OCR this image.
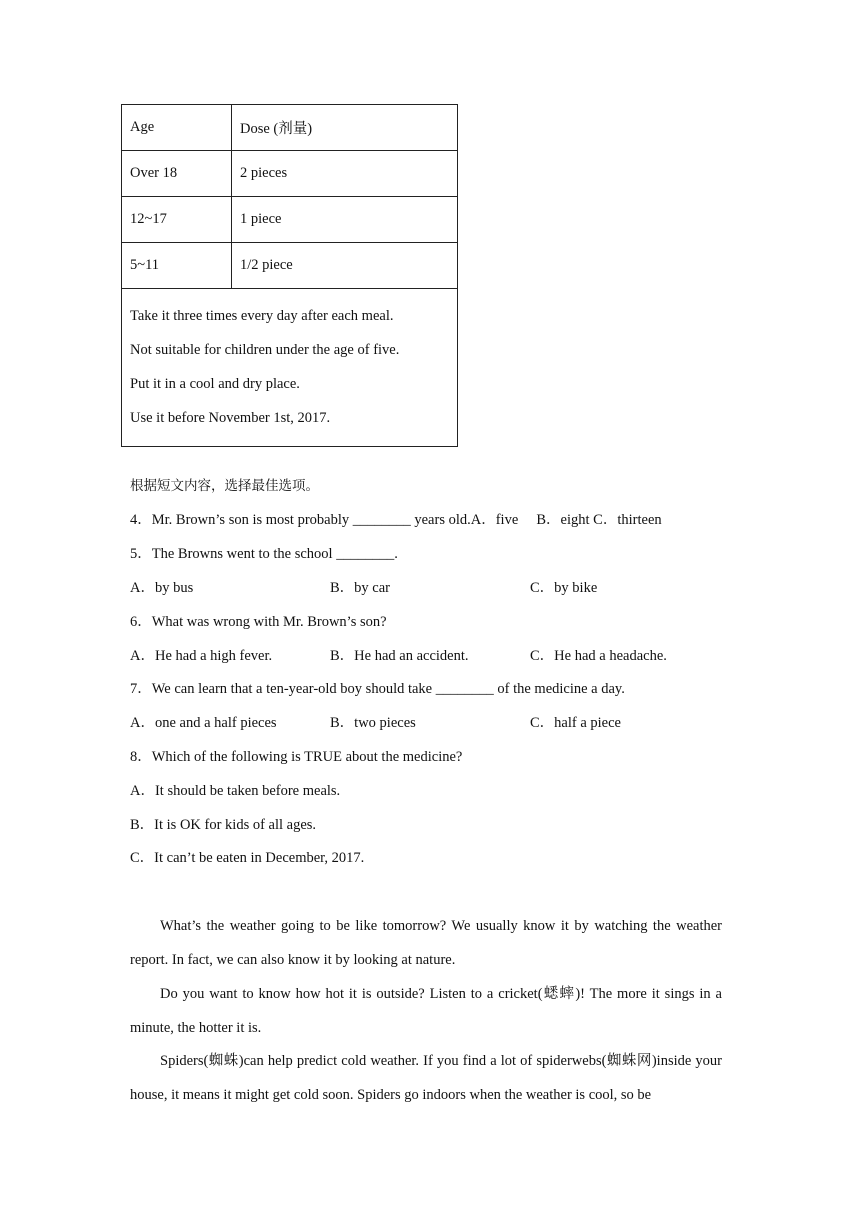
Age	Dose (剂量)
Over 18	2 pieces
12~17	1 piece
5~11	1/2 piece

Take it three times every day after each meal.
Not suitable for children under the age of five.
Put it in a cool and dry place.
Use it before November 1st, 2017.	
根据短文内容，选择最佳选项。
4．Mr. Brown’s son is most probably ________ years old.A．five　 B．eight C．thirteen
5．The Browns went to the school ________.
A．by bus	B．by car	C．by bike
6．What was wrong with Mr. Brown’s son?
A．He had a high fever.	B．He had an accident.	C．He had a headache.
7．We can learn that a ten-year-old boy should take ________ of the medicine a day.
A．one and a half pieces	B．two pieces	C．half a piece
8．Which of the following is TRUE about the medicine?
A．It should be taken before meals.
B．It is OK for kids of all ages.
C．It can’t be eaten in December, 2017.
What’s the weather going to be like tomorrow? We usually know it by watching the weather report. In fact, we can also know it by looking at nature.
Do you want to know how hot it is outside? Listen to a cricket(蟋蟀)! The more it sings in a minute, the hotter it is.
Spiders(蜘蛛)can help predict cold weather. If you find a lot of spiderwebs(蜘蛛网)inside your house, it means it might get cold soon. Spiders go indoors when the weather is cool, so be
